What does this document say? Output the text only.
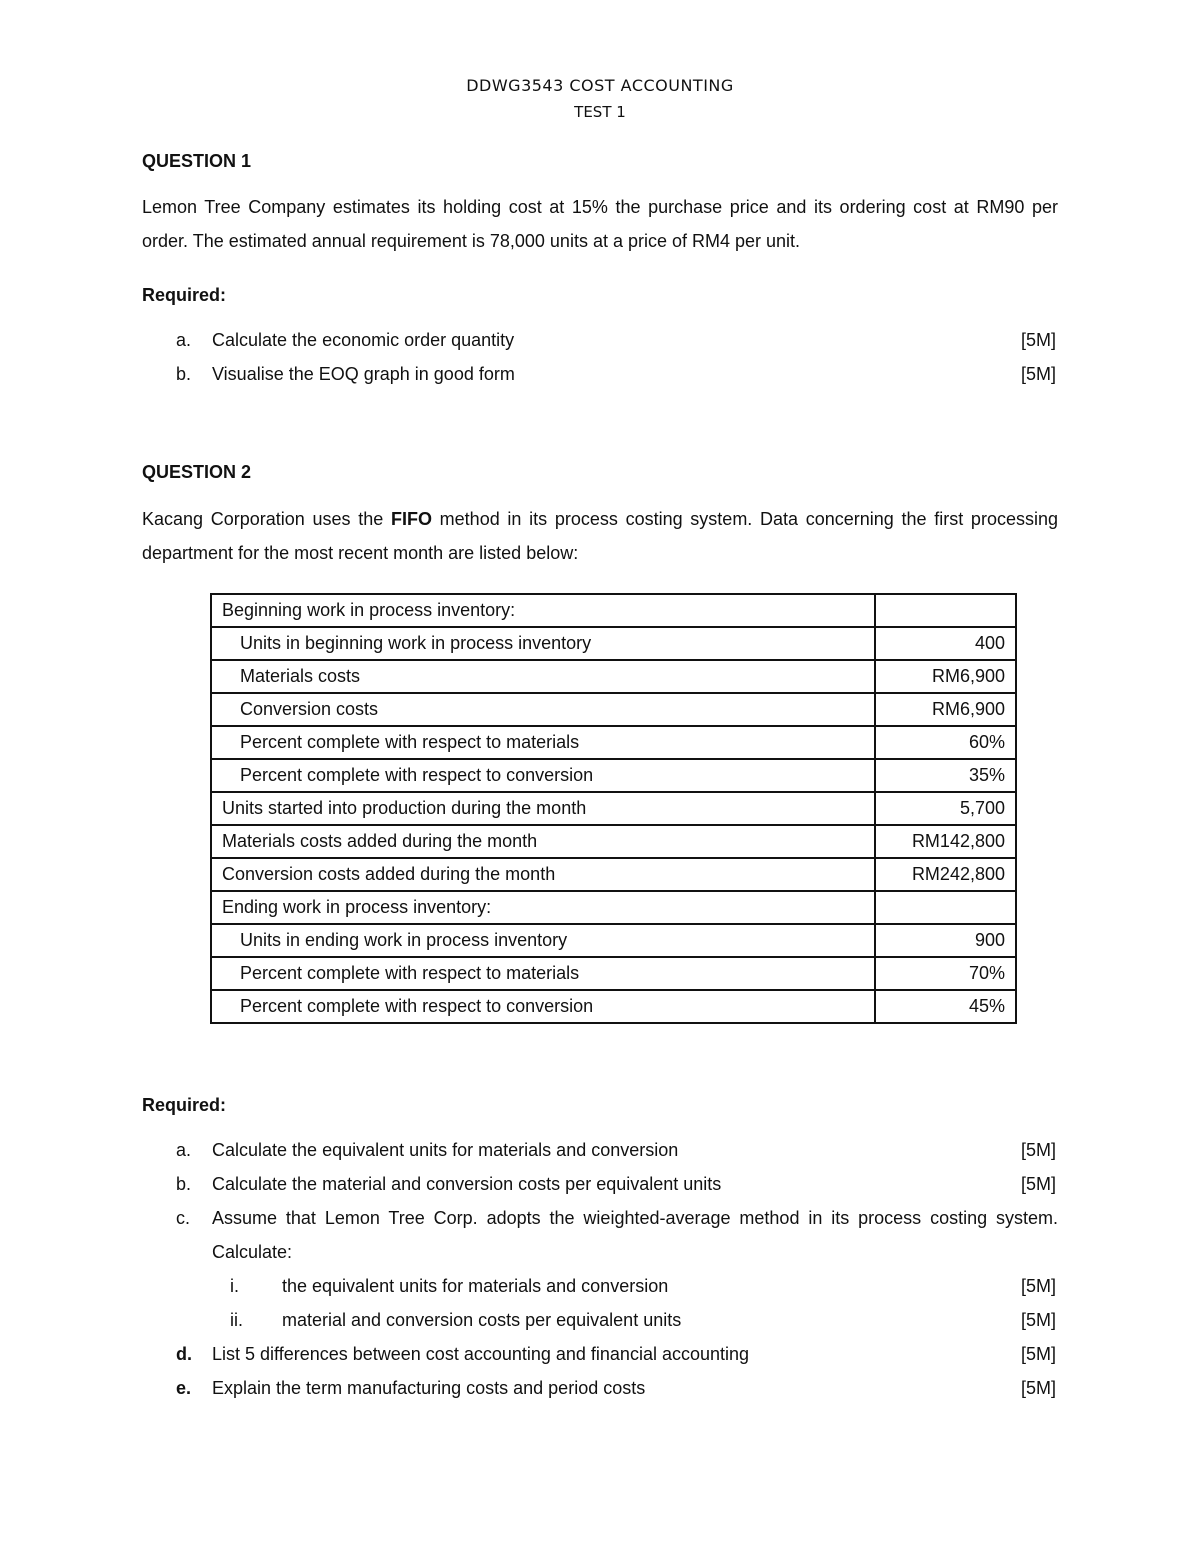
DDWG3543 COST ACCOUNTING
TEST 1
QUESTION 1
Lemon Tree Company estimates its holding cost at 15% the purchase price and its ordering cost at RM90 per order. The estimated annual requirement is 78,000 units at a price of RM4 per unit.
Required:
a.	Calculate the economic order quantity	[5M]
b.	Visualise the EOQ graph in good form	[5M]
QUESTION 2
Kacang Corporation uses the FIFO method in its process costing system. Data concerning the first processing department for the most recent month are listed below:
Beginning work in process inventory:	
Units in beginning work in process inventory	400
Materials costs	RM6,900
Conversion costs	RM6,900
Percent complete with respect to materials	60%
Percent complete with respect to conversion	35%
Units started into production during the month	5,700
Materials costs added during the month	RM142,800
Conversion costs added during the month	RM242,800
Ending work in process inventory:	
Units in ending work in process inventory	900
Percent complete with respect to materials	70%
Percent complete with respect to conversion	45%
Required:
a.	Calculate the equivalent units for materials and conversion	[5M]
b.	Calculate the material and conversion costs per equivalent units	[5M]
c. Assume that Lemon Tree Corp. adopts the wieighted-average method in its process costing system. Calculate:
i.	the equivalent units for materials and conversion	[5M]
ii.	material and conversion costs per equivalent units	[5M]
d.	List 5 differences between cost accounting and financial accounting	[5M]
e.	Explain the term manufacturing costs and period costs	[5M]
